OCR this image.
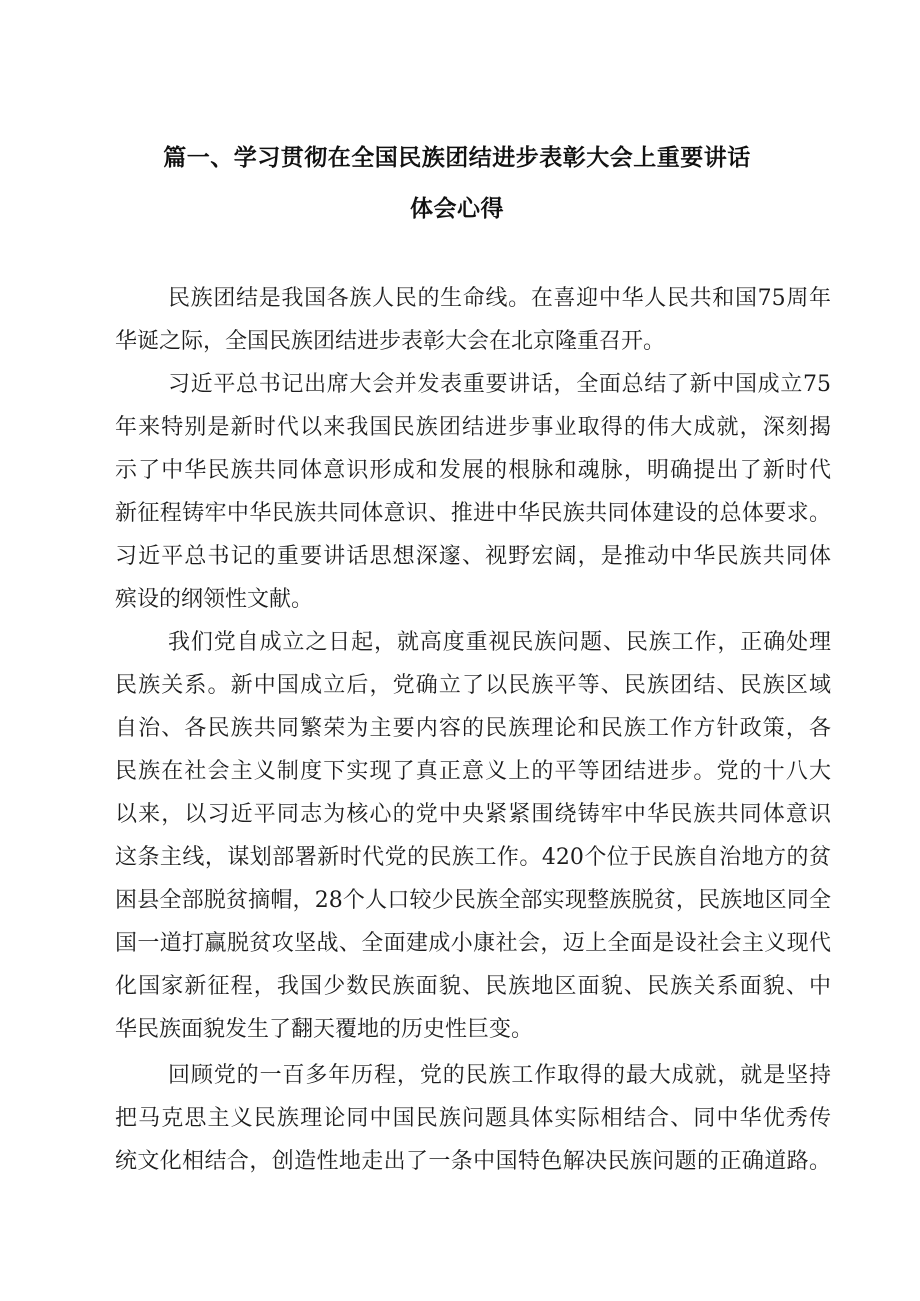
篇一、学习贯彻在全国民族团结进步表彰大会上重要讲话
体会心得
民族团结是我国各族人民的生命线。在喜迎中华人民共和国75周年
华诞之际，全国民族团结进步表彰大会在北京隆重召开。
习近平总书记出席大会并发表重要讲话，全面总结了新中国成立75
年来特别是新时代以来我国民族团结进步事业取得的伟大成就，深刻揭
示了中华民族共同体意识形成和发展的根脉和魂脉，明确提出了新时代
新征程铸牢中华民族共同体意识、推进中华民族共同体建设的总体要求。
习近平总书记的重要讲话思想深邃、视野宏阔，是推动中华民族共同体
殡设的纲领性文献。
我们党自成立之日起，就高度重视民族问题、民族工作，正确处理
民族关系。新中国成立后，党确立了以民族平等、民族团结、民族区域
自治、各民族共同繁荣为主要内容的民族理论和民族工作方针政策，各
民族在社会主义制度下实现了真正意义上的平等团结进步。党的十八大
以来，以习近平同志为核心的党中央紧紧围绕铸牢中华民族共同体意识
这条主线，谋划部署新时代党的民族工作。420个位于民族自治地方的贫
困县全部脱贫摘帽，28个人口较少民族全部实现整族脱贫，民族地区同全
国一道打赢脱贫攻坚战、全面建成小康社会，迈上全面是设社会主义现代
化国家新征程，我国少数民族面貌、民族地区面貌、民族关系面貌、中
华民族面貌发生了翻天覆地的历史性巨变。
回顾党的一百多年历程，党的民族工作取得的最大成就，就是坚持
把马克思主义民族理论同中国民族问题具体实际相结合、同中华优秀传
统文化相结合，创造性地走出了一条中国特色解决民族问题的正确道路。
